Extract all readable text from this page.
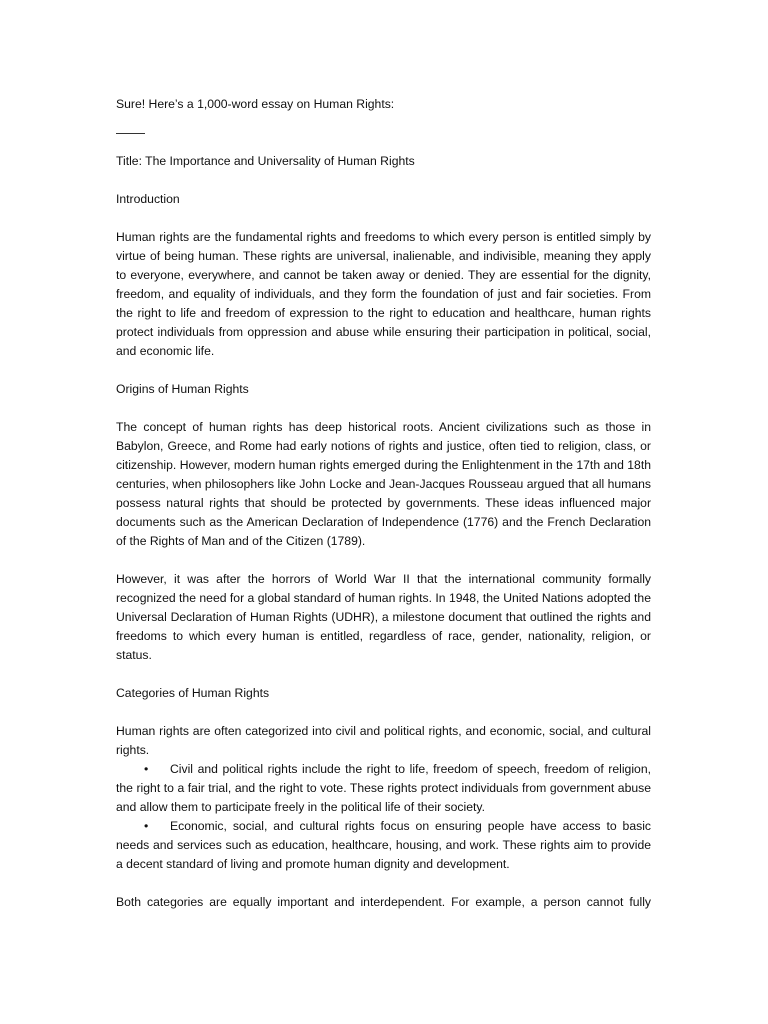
Sure! Here’s a 1,000-word essay on Human Rights:

Title: The Importance and Universality of Human Rights

Introduction

Human rights are the fundamental rights and freedoms to which every person is entitled simply by virtue of being human. These rights are universal, inalienable, and indivisible, meaning they apply to everyone, everywhere, and cannot be taken away or denied. They are essential for the dignity, freedom, and equality of individuals, and they form the foundation of just and fair societies. From the right to life and freedom of expression to the right to education and healthcare, human rights protect individuals from oppression and abuse while ensuring their participation in political, social, and economic life.

Origins of Human Rights

The concept of human rights has deep historical roots. Ancient civilizations such as those in Babylon, Greece, and Rome had early notions of rights and justice, often tied to religion, class, or citizenship. However, modern human rights emerged during the Enlightenment in the 17th and 18th centuries, when philosophers like John Locke and Jean-Jacques Rousseau argued that all humans possess natural rights that should be protected by governments. These ideas influenced major documents such as the American Declaration of Independence (1776) and the French Declaration of the Rights of Man and of the Citizen (1789).

However, it was after the horrors of World War II that the international community formally recognized the need for a global standard of human rights. In 1948, the United Nations adopted the Universal Declaration of Human Rights (UDHR), a milestone document that outlined the rights and freedoms to which every human is entitled, regardless of race, gender, nationality, religion, or status.

Categories of Human Rights

Human rights are often categorized into civil and political rights, and economic, social, and cultural rights.

• Civil and political rights include the right to life, freedom of speech, freedom of religion, the right to a fair trial, and the right to vote. These rights protect individuals from government abuse and allow them to participate freely in the political life of their society.

• Economic, social, and cultural rights focus on ensuring people have access to basic needs and services such as education, healthcare, housing, and work. These rights aim to provide a decent standard of living and promote human dignity and development.

Both categories are equally important and interdependent. For example, a person cannot fully
